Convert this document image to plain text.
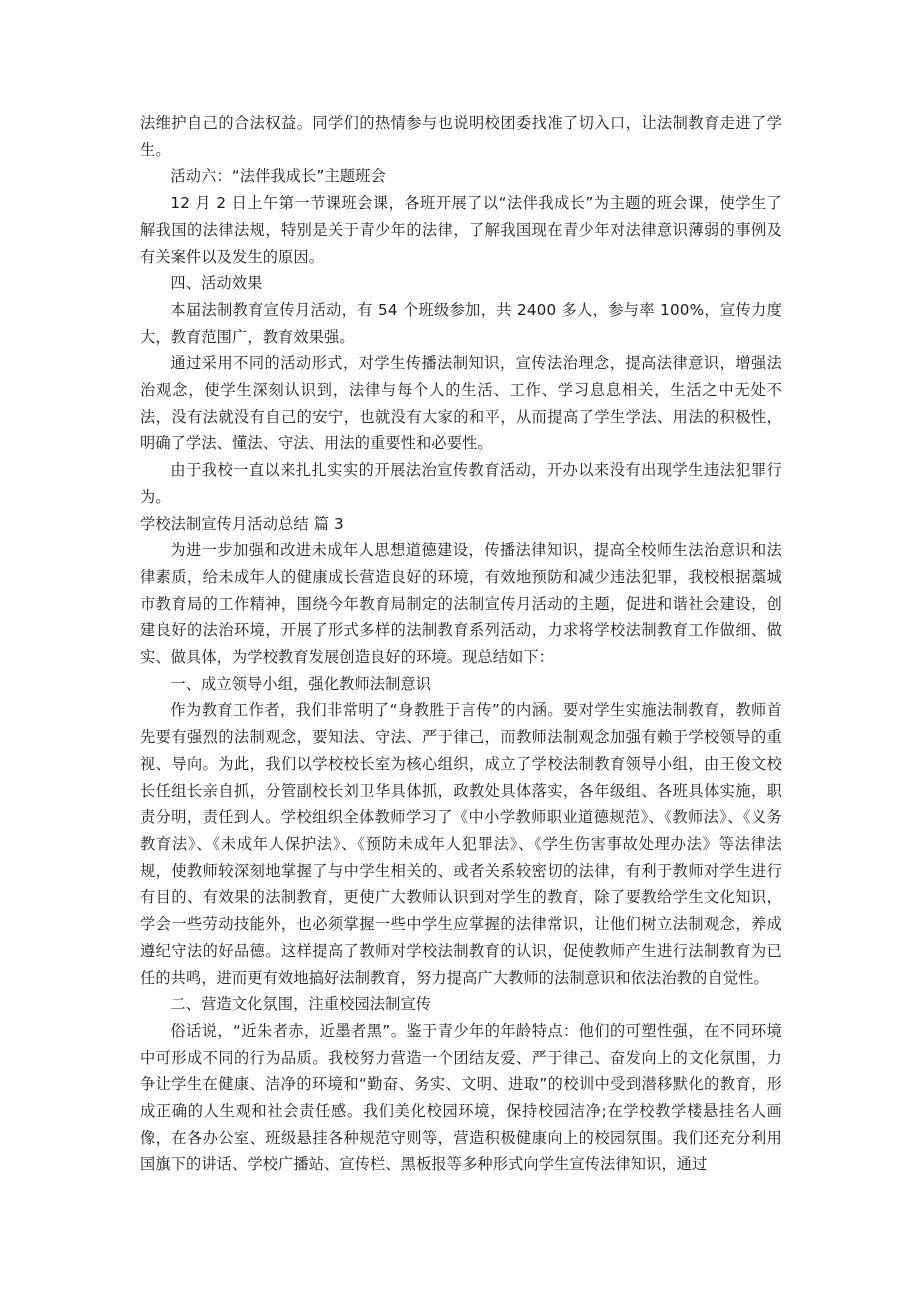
法维护自己的合法权益。同学们的热情参与也说明校团委找准了切入口，让法制教育走进了学生。

活动六：“法伴我成长”主题班会

12 月 2 日上午第一节课班会课，各班开展了以“法伴我成长”为主题的班会课，使学生了解我国的法律法规，特别是关于青少年的法律，了解我国现在青少年对法律意识薄弱的事例及有关案件以及发生的原因。

四、活动效果

本届法制教育宣传月活动，有 54 个班级参加，共 2400 多人，参与率 100%，宣传力度大，教育范围广，教育效果强。

通过采用不同的活动形式，对学生传播法制知识，宣传法治理念，提高法律意识，增强法治观念，使学生深刻认识到，法律与每个人的生活、工作、学习息息相关，生活之中无处不法，没有法就没有自己的安宁，也就没有大家的和平，从而提高了学生学法、用法的积极性，明确了学法、懂法、守法、用法的重要性和必要性。

由于我校一直以来扎扎实实的开展法治宣传教育活动，开办以来没有出现学生违法犯罪行为。

学校法制宣传月活动总结 篇 3

为进一步加强和改进未成年人思想道德建设，传播法律知识，提高全校师生法治意识和法律素质，给未成年人的健康成长营造良好的环境，有效地预防和减少违法犯罪，我校根据藁城市教育局的工作精神，围绕今年教育局制定的法制宣传月活动的主题，促进和谐社会建设，创建良好的法治环境，开展了形式多样的法制教育系列活动，力求将学校法制教育工作做细、做实、做具体，为学校教育发展创造良好的环境。现总结如下：

一、成立领导小组，强化教师法制意识

作为教育工作者，我们非常明了“身教胜于言传”的内涵。要对学生实施法制教育，教师首先要有强烈的法制观念，要知法、守法、严于律己，而教师法制观念加强有赖于学校领导的重视、导向。为此，我们以学校校长室为核心组织，成立了学校法制教育领导小组，由王俊文校长任组长亲自抓，分管副校长刘卫华具体抓，政教处具体落实，各年级组、各班具体实施，职责分明，责任到人。学校组织全体教师学习了《中小学教师职业道德规范》、《教师法》、《义务教育法》、《未成年人保护法》、《预防未成年人犯罪法》、《学生伤害事故处理办法》等法律法规，使教师较深刻地掌握了与中学生相关的、或者关系较密切的法律，有利于教师对学生进行有目的、有效果的法制教育，更使广大教师认识到对学生的教育，除了要教给学生文化知识，学会一些劳动技能外，也必须掌握一些中学生应掌握的法律常识，让他们树立法制观念，养成遵纪守法的好品德。这样提高了教师对学校法制教育的认识，促使教师产生进行法制教育为已任的共鸣，进而更有效地搞好法制教育，努力提高广大教师的法制意识和依法治教的自觉性。

二、营造文化氛围，注重校园法制宣传

俗话说，“近朱者赤，近墨者黑”。鉴于青少年的年龄特点：他们的可塑性强，在不同环境中可形成不同的行为品质。我校努力营造一个团结友爱、严于律己、奋发向上的文化氛围，力争让学生在健康、洁净的环境和“勤奋、务实、文明、进取”的校训中受到潜移默化的教育，形成正确的人生观和社会责任感。我们美化校园环境，保持校园洁净;在学校教学楼悬挂名人画像，在各办公室、班级悬挂各种规范守则等，营造积极健康向上的校园氛围。我们还充分利用国旗下的讲话、学校广播站、宣传栏、黑板报等多种形式向学生宣传法律知识，通过
